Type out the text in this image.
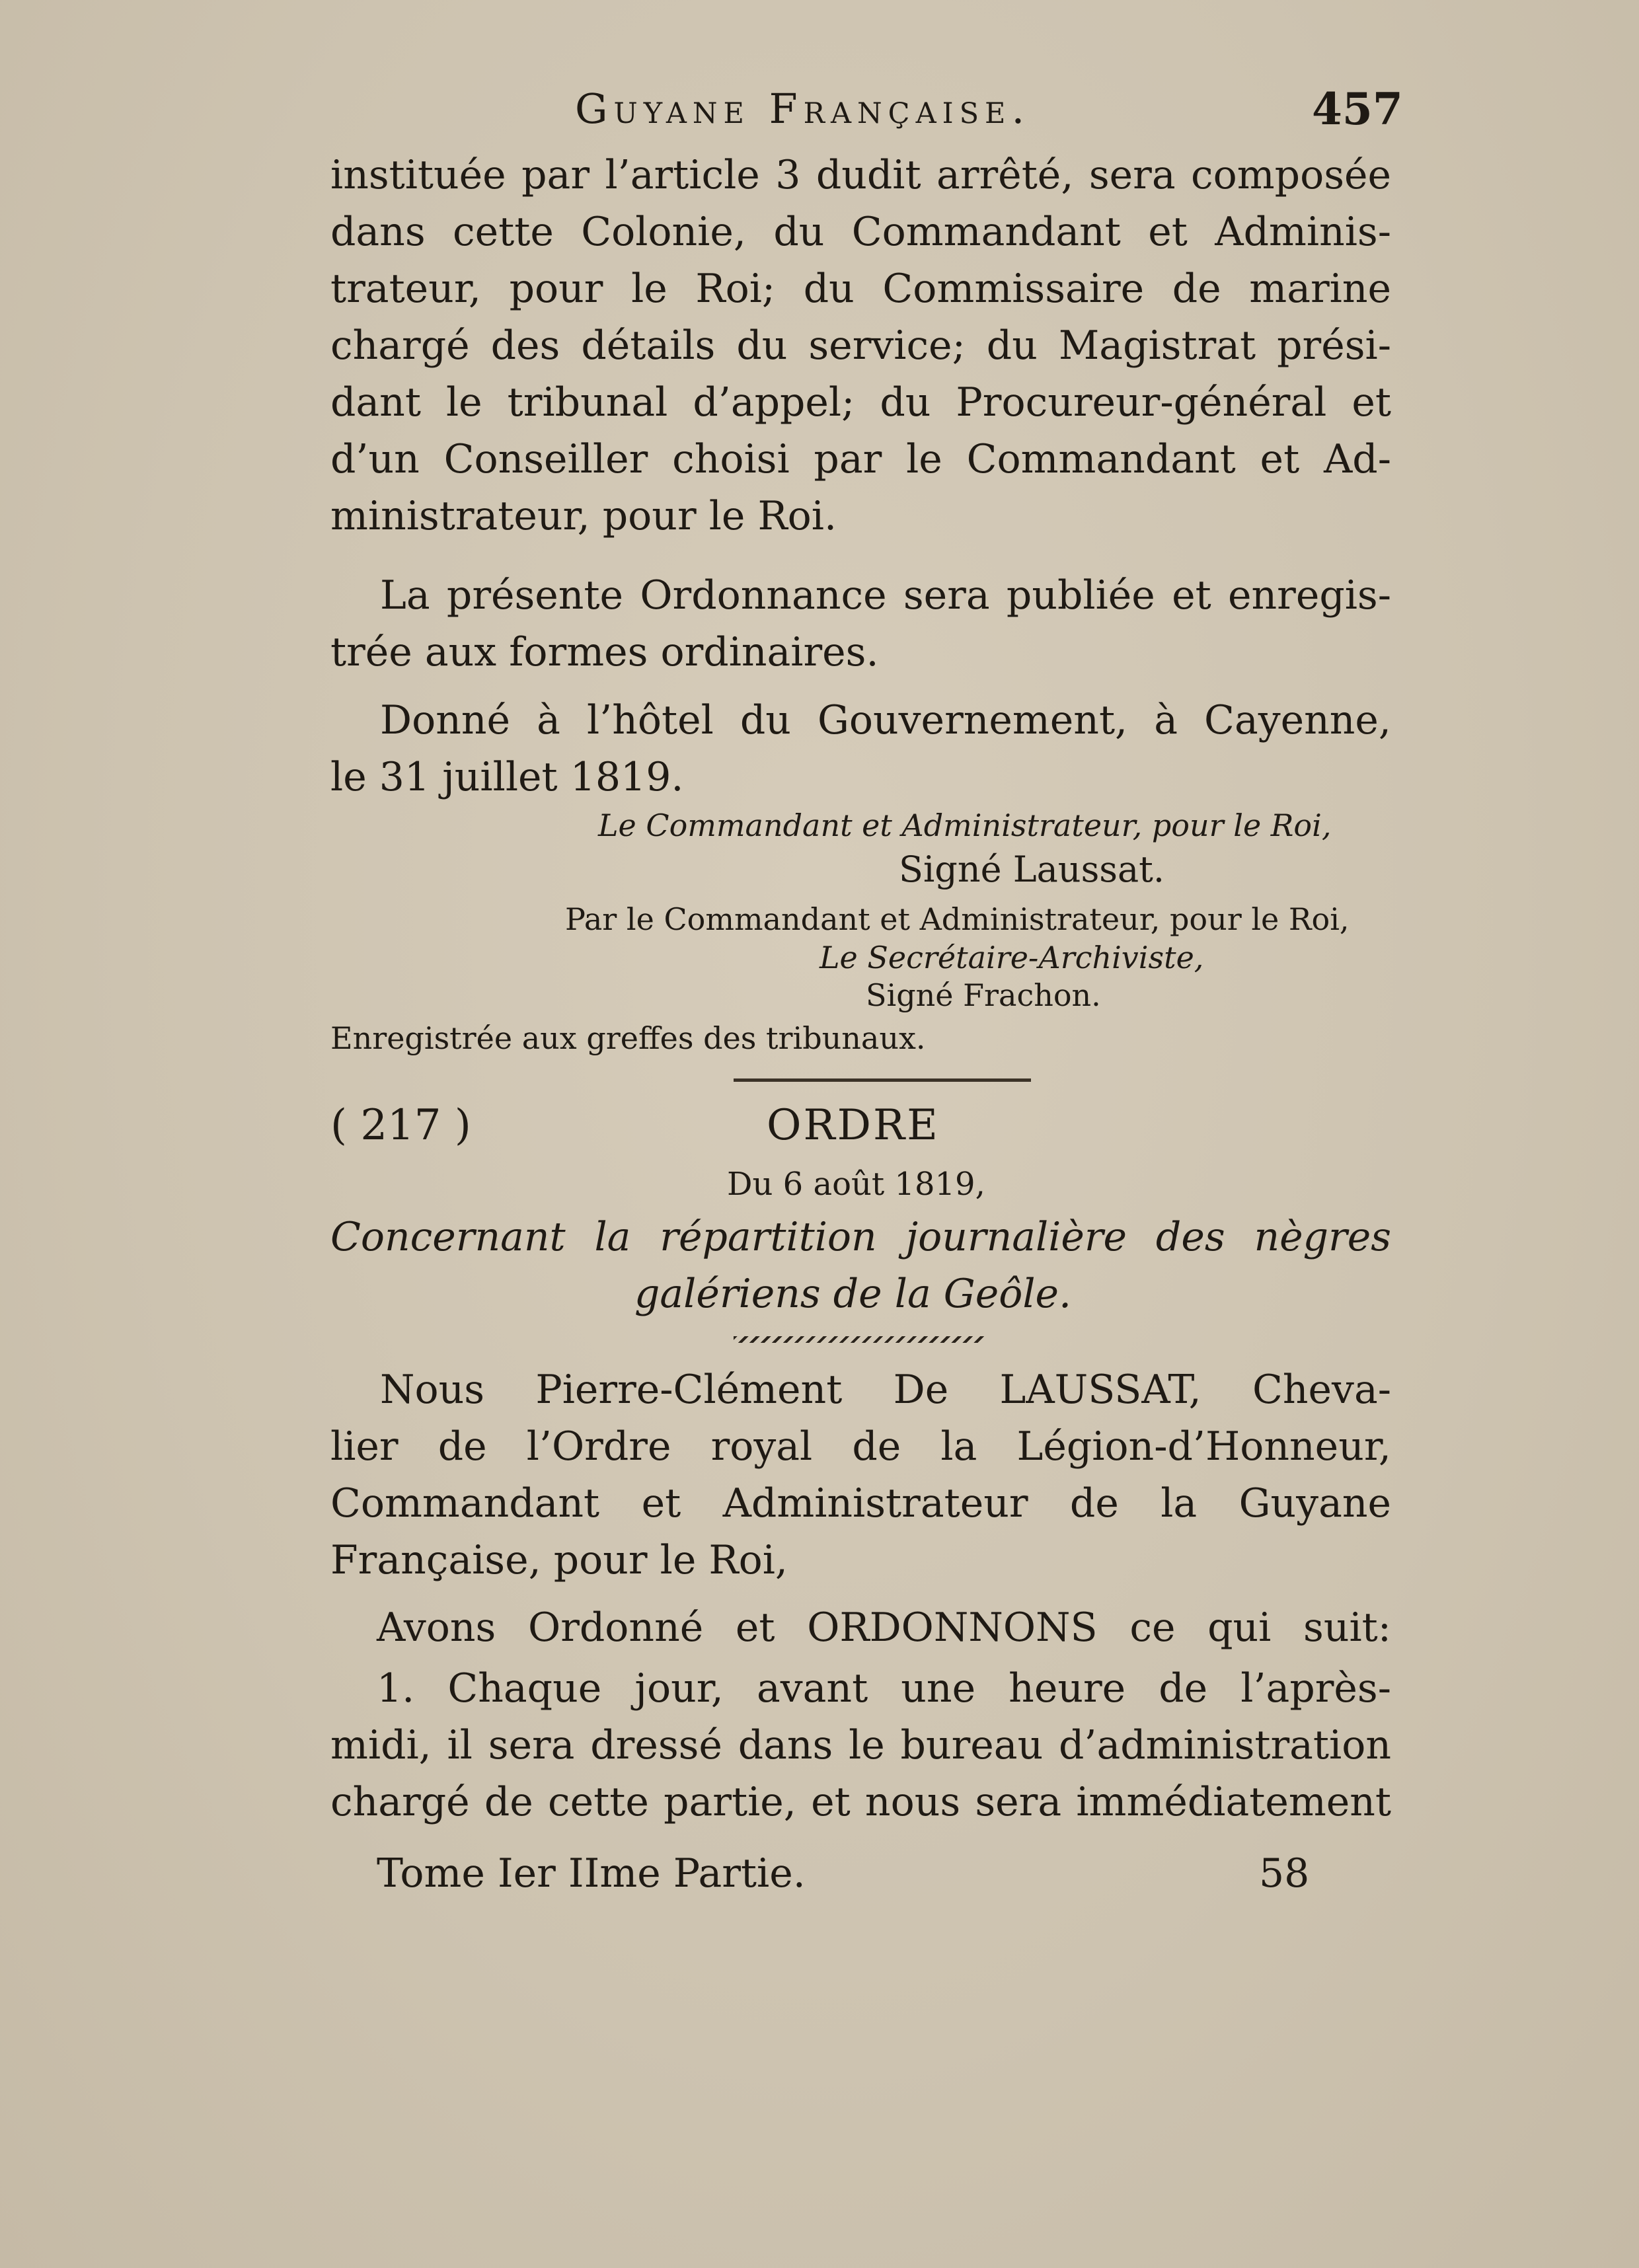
Guyane Française.	457
instituée par l’article 3 dudit arrêté, sera composée
dans cette Colonie, du Commandant et Adminis-
trateur, pour le Roi; du Commissaire de marine
chargé des détails du service; du Magistrat prési-
dant le tribunal d’appel; du Procureur-général et
d’un Conseiller choisi par le Commandant et Ad-
ministrateur, pour le Roi.
La présente Ordonnance sera publiée et enregis-
trée aux formes ordinaires.
Donné à l’hôtel du Gouvernement, à Cayenne,
le 31 juillet 1819.
Le Commandant et Administrateur, pour le Roi,
Signé Laussat.
Par le Commandant et Administrateur, pour le Roi,
Le Secrétaire-Archiviste,
Signé Frachon.
Enregistrée aux greffes des tribunaux.
( 217 )	ORDRE
Du 6 août 1819,
Concernant la répartition journalière des nègres
galériens de la Geôle.
Nous Pierre-Clément De LAUSSAT, Cheva-
lier de l’Ordre royal de la Légion-d’Honneur,
Commandant et Administrateur de la Guyane
Française, pour le Roi,
Avons Ordonné et ORDONNONS ce qui suit:
1. Chaque jour, avant une heure de l’après-
midi, il sera dressé dans le bureau d’administration
chargé de cette partie, et nous sera immédiatement
Tome Ier IIme Partie.	58
